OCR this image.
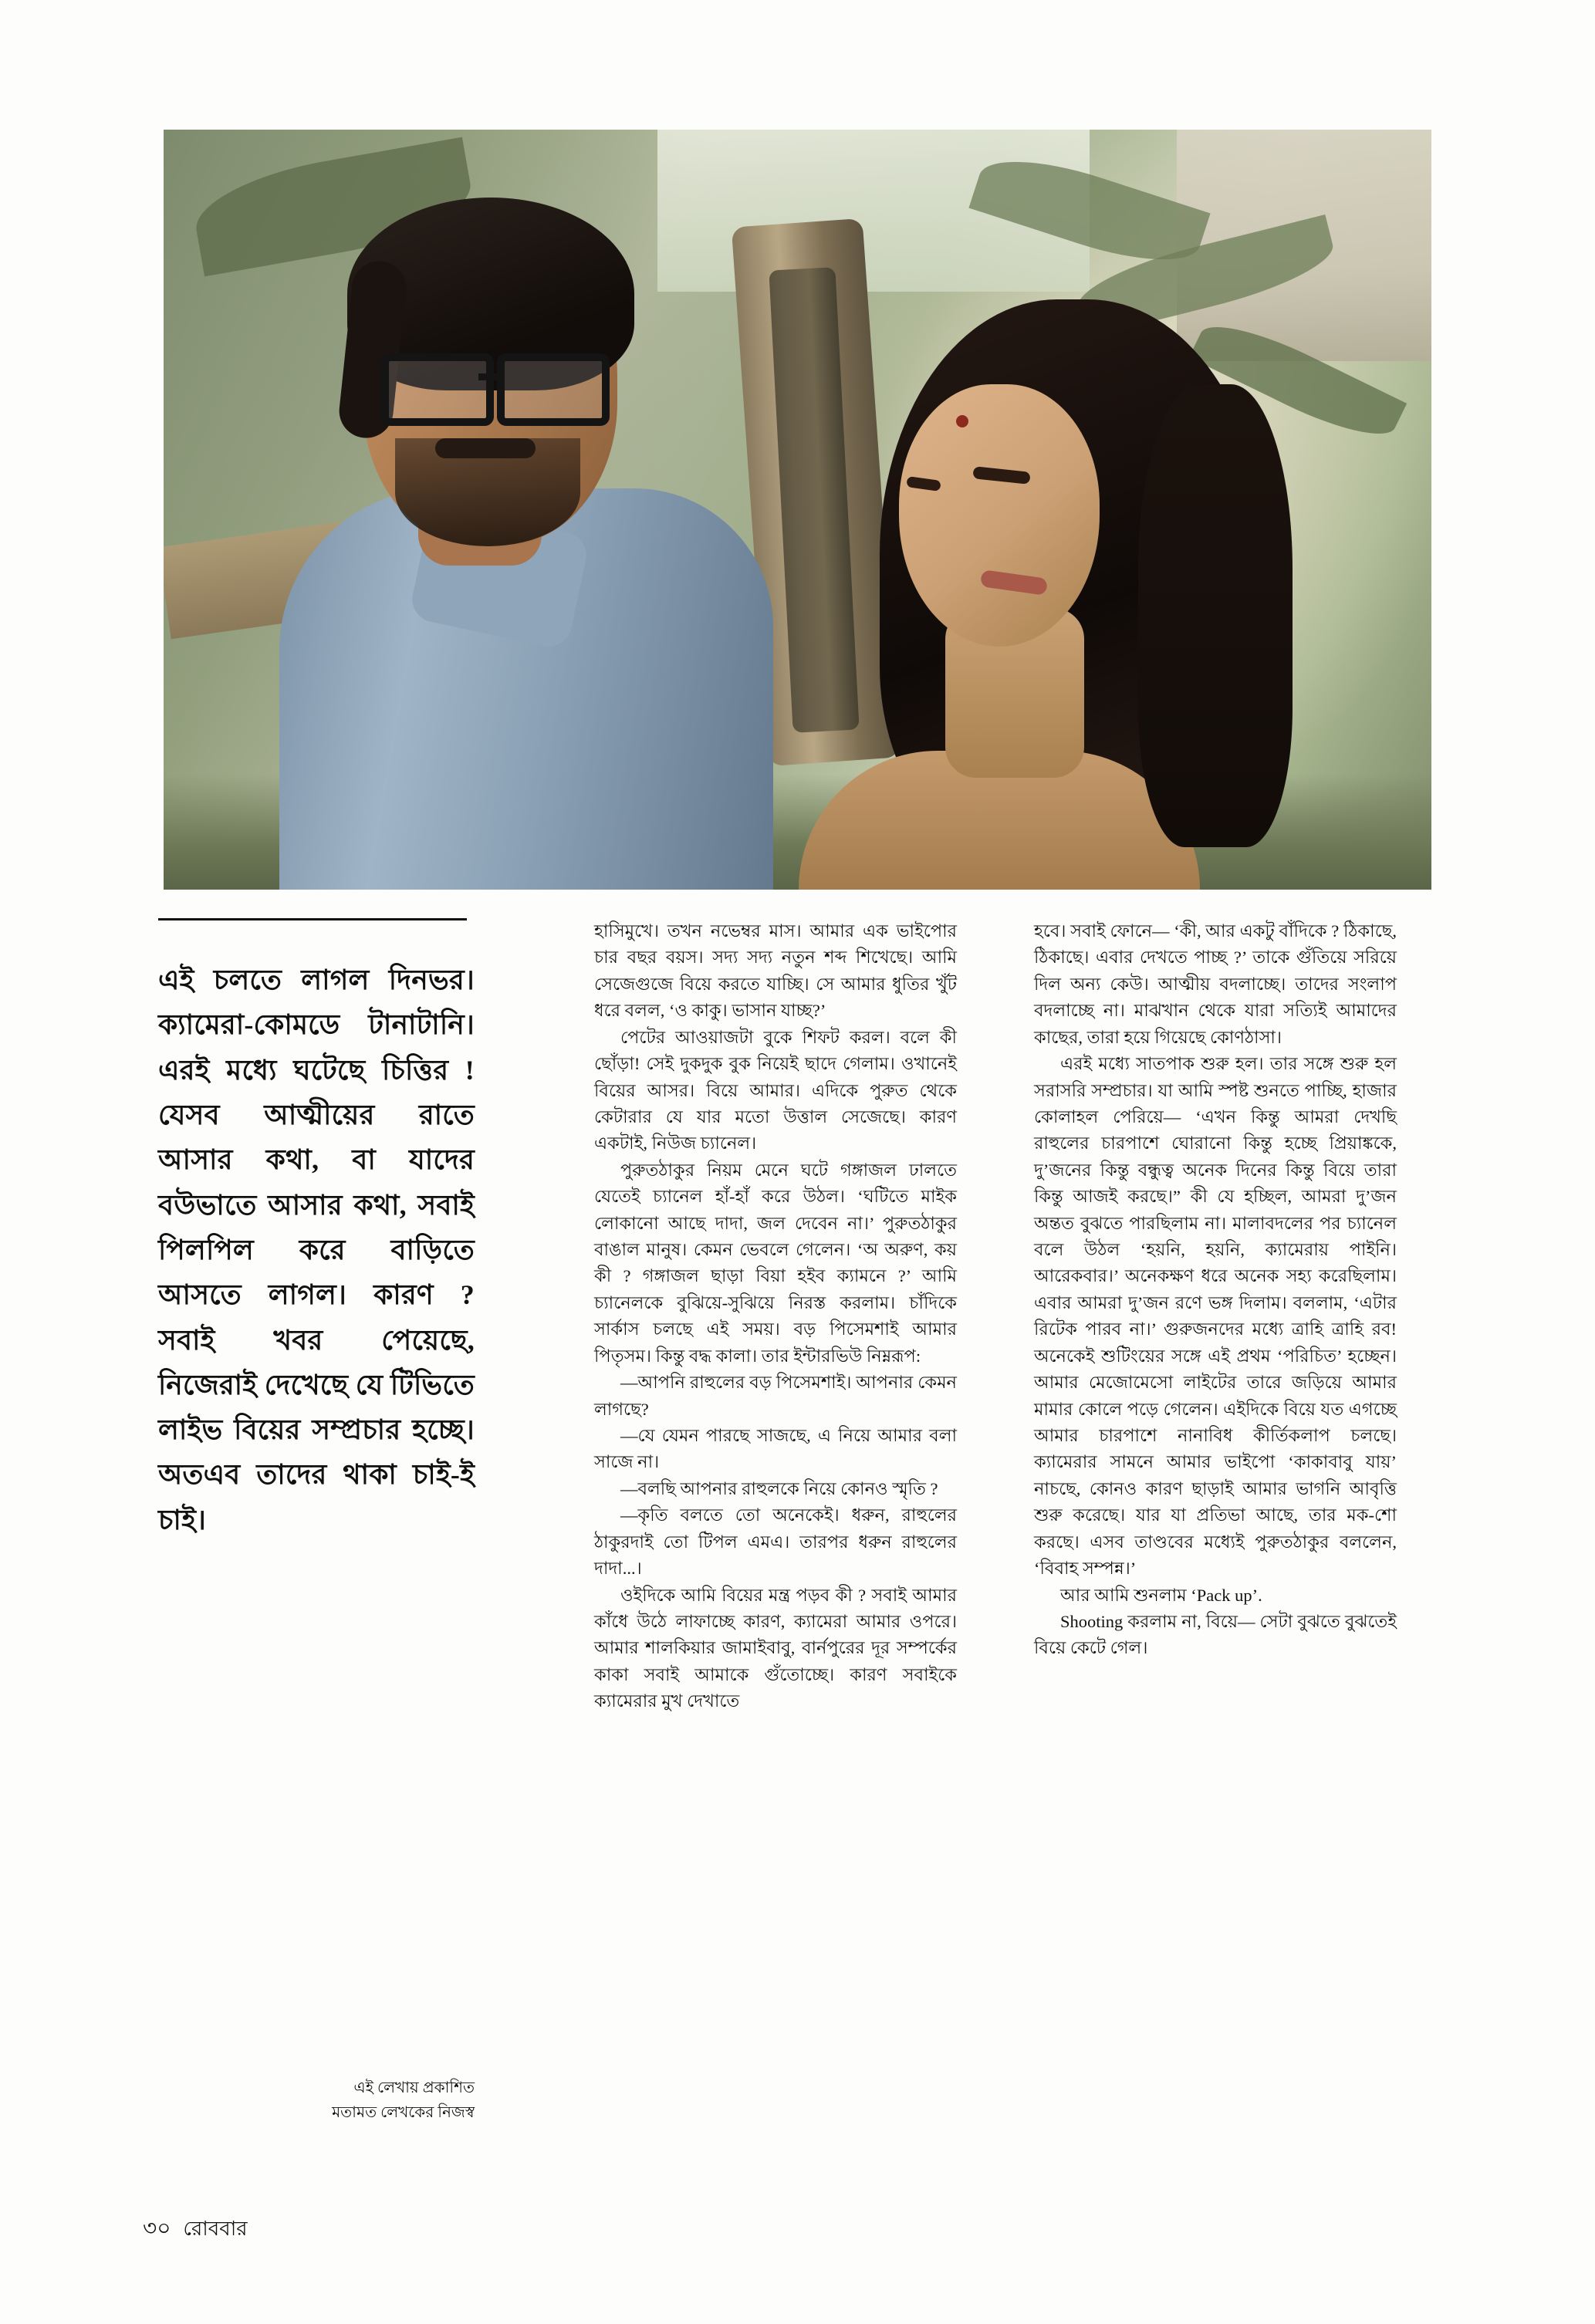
এই চলতে লাগল দিনভর। ক্যামেরা-কোমডে টানাটানি। এরই মধ্যে ঘটেছে চিত্তির ! যেসব আত্মীয়ের রাতে আসার কথা, বা যাদের বউভাতে আসার কথা, সবাই পিলপিল করে বাড়িতে আসতে লাগল। কারণ ? সবাই খবর পেয়েছে, নিজেরাই দেখেছে যে টিভিতে লাইভ বিয়ের সম্প্রচার হচ্ছে। অতএব তাদের থাকা চাই-ই চাই।

এই লেখায় প্রকাশিত
মতামত লেখকের নিজস্ব

হাসিমুখে। তখন নভেম্বর মাস। আমার এক ভাইপোর চার বছর বয়স। সদ্য সদ্য নতুন শব্দ শিখেছে। আমি সেজেগুজে বিয়ে করতে যাচ্ছি। সে আমার ধুতির খুঁট ধরে বলল, ‘ও কাকু। ভাসান যাচ্ছ?’

পেটের আওয়াজটা বুকে শিফট করল। বলে কী ছোঁড়া! সেই দুকদুক বুক নিয়েই ছাদে গেলাম। ওখানেই বিয়ের আসর। বিয়ে আমার। এদিকে পুরুত থেকে কেটারার যে যার মতো উত্তাল সেজেছে। কারণ একটাই, নিউজ চ্যানেল।

পুরুতঠাকুর নিয়ম মেনে ঘটে গঙ্গাজল ঢালতে যেতেই চ্যানেল হাঁ-হাঁ করে উঠল। ‘ঘটিতে মাইক লোকানো আছে দাদা, জল দেবেন না।’ পুরুতঠাকুর বাঙাল মানুষ। কেমন ভেবলে গেলেন। ‘অ অরুণ, কয় কী ? গঙ্গাজল ছাড়া বিয়া হইব ক্যামনে ?’ আমি চ্যানেলকে বুঝিয়ে-সুঝিয়ে নিরস্ত করলাম। চাঁদিকে সার্কাস চলছে এই সময়। বড় পিসেমশাই আমার পিতৃসম। কিন্তু বদ্ধ কালা। তার ইন্টারভিউ নিম্নরূপ:

—আপনি রাহুলের বড় পিসেমশাই। আপনার কেমন লাগছে?

—যে যেমন পারছে সাজছে, এ নিয়ে আমার বলা সাজে না।

—বলছি আপনার রাহুলকে নিয়ে কোনও স্মৃতি ?

—কৃতি বলতে তো অনেকেই। ধরুন, রাহুলের ঠাকুরদাই তো টিপল এমএ। তারপর ধরুন রাহুলের দাদা...।

ওইদিকে আমি বিয়ের মন্ত্র পড়ব কী ? সবাই আমার কাঁধে উঠে লাফাচ্ছে কারণ, ক্যামেরা আমার ওপরে। আমার শালকিয়ার জামাইবাবু, বার্নপুরের দূর সম্পর্কের কাকা সবাই আমাকে গুঁতোচ্ছে। কারণ সবাইকে ক্যামেরার মুখ দেখাতে

হবে। সবাই ফোনে— ‘কী, আর একটু বাঁদিকে ? ঠিকাছে, ঠিকাছে। এবার দেখতে পাচ্ছ ?’ তাকে গুঁতিয়ে সরিয়ে দিল অন্য কেউ। আত্মীয় বদলাচ্ছে। তাদের সংলাপ বদলাচ্ছে না। মাঝখান থেকে যারা সত্যিই আমাদের কাছের, তারা হয়ে গিয়েছে কোণঠাসা।

এরই মধ্যে সাতপাক শুরু হল। তার সঙ্গে শুরু হল সরাসরি সম্প্রচার। যা আমি স্পষ্ট শুনতে পাচ্ছি, হাজার কোলাহল পেরিয়ে— ‘এখন কিন্তু আমরা দেখছি রাহুলের চারপাশে ঘোরানো কিন্তু হচ্ছে প্রিয়াঙ্ককে, দু’জনের কিন্তু বন্ধুত্ব অনেক দিনের কিন্তু বিয়ে তারা কিন্তু আজই করছে।” কী যে হচ্ছিল, আমরা দু’জন অন্তত বুঝতে পারছিলাম না। মালাবদলের পর চ্যানেল বলে উঠল ‘হয়নি, হয়নি, ক্যামেরায় পাইনি। আরেকবার।’ অনেকক্ষণ ধরে অনেক সহ্য করেছিলাম। এবার আমরা দু’জন রণে ভঙ্গ দিলাম। বললাম, ‘এটার রিটেক পারব না।’ গুরুজনদের মধ্যে ত্রাহি ত্রাহি রব! অনেকেই শুটিংয়ের সঙ্গে এই প্রথম ‘পরিচিত’ হচ্ছেন। আমার মেজোমেসো লাইটের তারে জড়িয়ে আমার মামার কোলে পড়ে গেলেন। এইদিকে বিয়ে যত এগচ্ছে আমার চারপাশে নানাবিধ কীর্তিকলাপ চলছে। ক্যামেরার সামনে আমার ভাইপো ‘কাকাবাবু যায়’ নাচছে, কোনও কারণ ছাড়াই আমার ভাগনি আবৃত্তি শুরু করেছে। যার যা প্রতিভা আছে, তার মক-শো করছে। এসব তাণ্ডবের মধ্যেই পুরুতঠাকুর বললেন, ‘বিবাহ সম্পন্ন।’

আর আমি শুনলাম ‘Pack up’.

Shooting করলাম না, বিয়ে— সেটা বুঝতে বুঝতেই বিয়ে কেটে গেল।

৩০ রোববার
